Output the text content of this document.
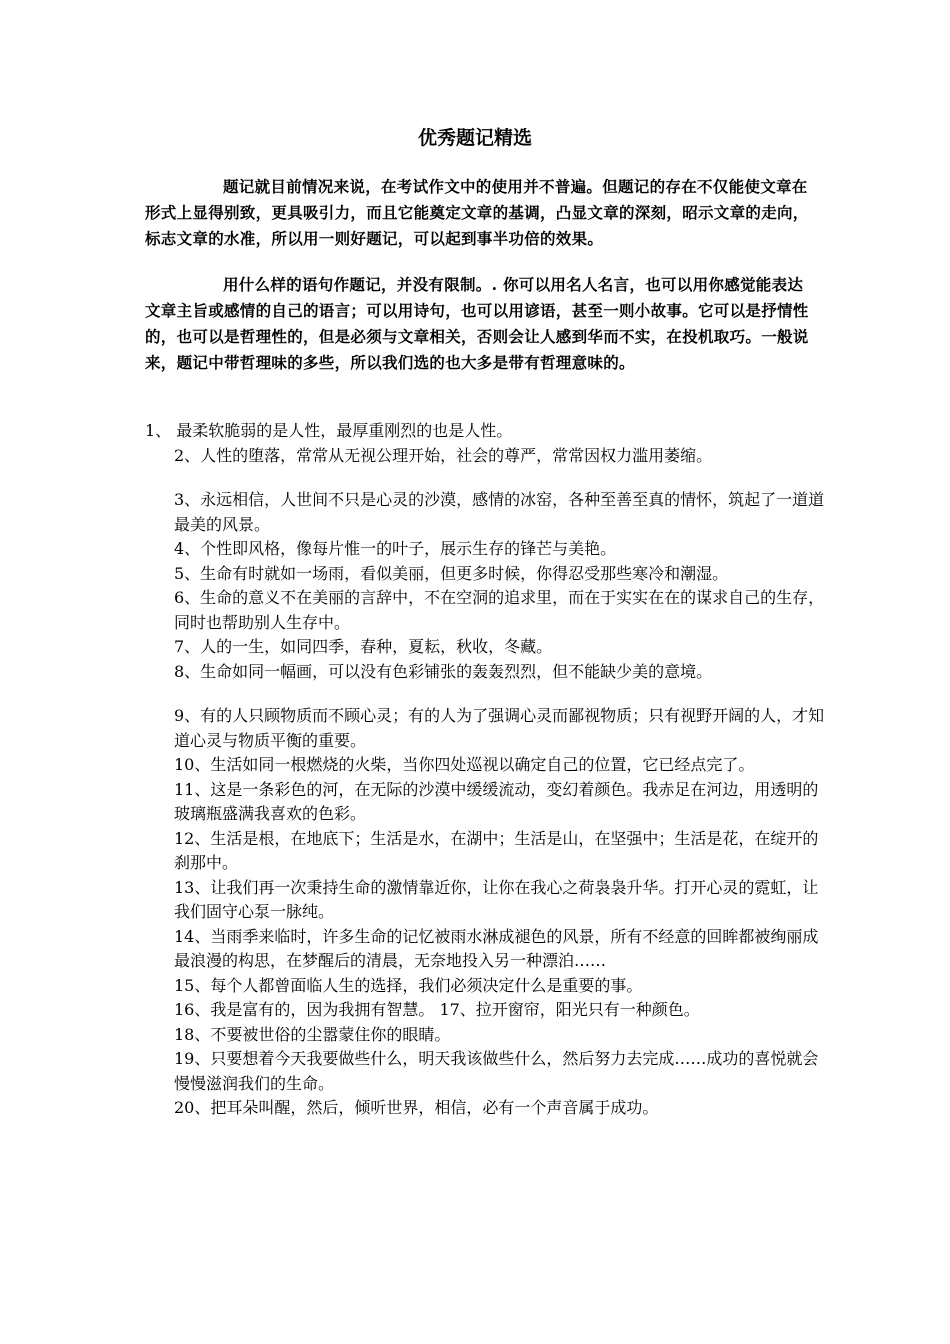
优秀题记精选

题记就目前情况来说，在考试作文中的使用并不普遍。但题记的存在不仅能使文章在形式上显得别致，更具吸引力，而且它能奠定文章的基调，凸显文章的深刻，昭示文章的走向，标志文章的水准，所以用一则好题记，可以起到事半功倍的效果。

用什么样的语句作题记，并没有限制。. 你可以用名人名言，也可以用你感觉能表达文章主旨或感情的自己的语言；可以用诗句，也可以用谚语，甚至一则小故事。它可以是抒情性的，也可以是哲理性的，但是必须与文章相关，否则会让人感到华而不实，在投机取巧。一般说来，题记中带哲理味的多些，所以我们选的也大多是带有哲理意味的。

1、 最柔软脆弱的是人性，最厚重刚烈的也是人性。
2、人性的堕落，常常从无视公理开始，社会的尊严，常常因权力滥用萎缩。
3、永远相信，人世间不只是心灵的沙漠，感情的冰窑，各种至善至真的情怀，筑起了一道道最美的风景。
4、个性即风格，像每片惟一的叶子，展示生存的锋芒与美艳。
5、生命有时就如一场雨，看似美丽，但更多时候，你得忍受那些寒冷和潮湿。
6、生命的意义不在美丽的言辞中，不在空洞的追求里，而在于实实在在的谋求自己的生存，同时也帮助别人生存中。
7、人的一生，如同四季，春种，夏耘，秋收，冬藏。
8、生命如同一幅画，可以没有色彩铺张的轰轰烈烈，但不能缺少美的意境。
9、有的人只顾物质而不顾心灵；有的人为了强调心灵而鄙视物质；只有视野开阔的人，才知道心灵与物质平衡的重要。
10、生活如同一根燃烧的火柴，当你四处巡视以确定自己的位置，它已经点完了。
11、这是一条彩色的河，在无际的沙漠中缓缓流动，变幻着颜色。我赤足在河边，用透明的玻璃瓶盛满我喜欢的色彩。
12、生活是根，在地底下；生活是水，在湖中；生活是山，在坚强中；生活是花，在绽开的刹那中。
13、让我们再一次秉持生命的激情靠近你，让你在我心之荷袅袅升华。打开心灵的霓虹，让我们固守心泵一脉纯。
14、当雨季来临时，许多生命的记忆被雨水淋成褪色的风景，所有不经意的回眸都被绚丽成最浪漫的构思，在梦醒后的清晨，无奈地投入另一种漂泊……
15、每个人都曾面临人生的选择，我们必须决定什么是重要的事。
16、我是富有的，因为我拥有智慧。 17、拉开窗帘，阳光只有一种颜色。
18、不要被世俗的尘嚣蒙住你的眼睛。
19、只要想着今天我要做些什么，明天我该做些什么，然后努力去完成……成功的喜悦就会慢慢滋润我们的生命。
20、把耳朵叫醒，然后，倾听世界，相信，必有一个声音属于成功。
